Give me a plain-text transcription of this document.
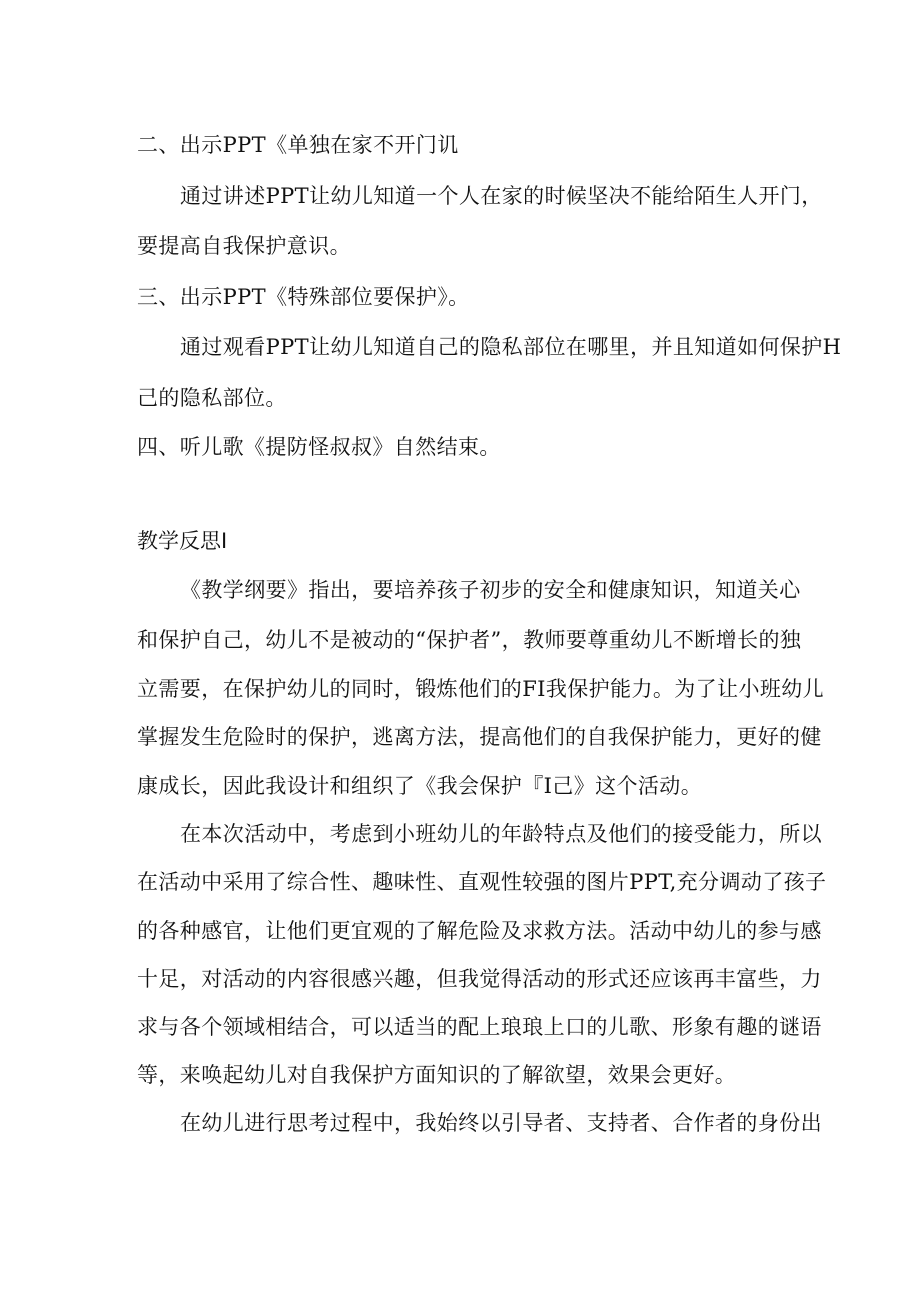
二、出示PPT《单独在家不开门讥
通过讲述PPT让幼儿知道一个人在家的时候坚决不能给陌生人开门，
要提高自我保护意识。
三、出示PPT《特殊部位要保护》。
通过观看PPT让幼儿知道自己的隐私部位在哪里，并且知道如何保护H
己的隐私部位。
四、听儿歌《提防怪叔叔》自然结束。
教学反思I
《教学纲要》指出，要培养孩子初步的安全和健康知识，知道关心
和保护自己，幼儿不是被动的“保护者”，教师要尊重幼儿不断增长的独
立需要，在保护幼儿的同时，锻炼他们的FI我保护能力。为了让小班幼儿
掌握发生危险时的保护，逃离方法，提高他们的自我保护能力，更好的健
康成长，因此我设计和组织了《我会保护『I己》这个活动。
在本次活动中，考虑到小班幼儿的年龄特点及他们的接受能力，所以
在活动中采用了综合性、趣味性、直观性较强的图片PPT,充分调动了孩子
的各种感官，让他们更宜观的了解危险及求救方法。活动中幼儿的参与感
十足，对活动的内容很感兴趣，但我觉得活动的形式还应该再丰富些，力
求与各个领域相结合，可以适当的配上琅琅上口的儿歌、形象有趣的谜语
等，来唤起幼儿对自我保护方面知识的了解欲望，效果会更好。
在幼儿进行思考过程中，我始终以引导者、支持者、合作者的身份出
